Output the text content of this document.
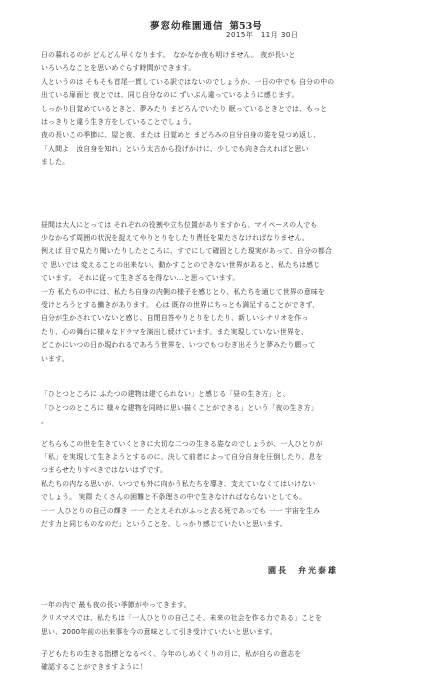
夢窓幼稚園通信 第53号
2015年　11月 30日
日の暮れるのが どんどん早くなります。　なかなか夜も明けません。 夜が長いと
いろいろなことを思いめぐらす時間ができます。
人というのは そもそも首尾一貫している訳ではないのでしょうか、一日の中でも 自分の中の
出ている扉面と 夜とでは、同じ自分なのに ずいぶん違っているように感じます。
しっかり目覚めているときと、夢みたり まどろんでいたり 眠っているときとでは、もっと
はっきりと違う生き方をしていることでしょう。
夜の長いこの季節に、屋と夜、または 日覚めと まどろみの自分自身の姿を見つめ返し、
「人間よ　汝自身を知れ」という太古から投げかけに、少しでも向き合えればと思い
ました。
昼間は大人にとっては それぞれの役割や立ち位置がありますから、マイペースの人でも
少なからず周囲の状況を捉えてやりとりをしたり責任を果たさなければなりません。
例えば 目で見たり聞いたりしたところに、すでにして確固とした現実があって、自分の都合
で 思いでは 変えることの出来ない、動かすことのできない世界があると、私たちは感じ
ています。 それに従って生きざるを得ない…と思っています。
一方 私たちの中には、私たち自身の内側の様子を感じとり、私たちを通じて世界の意味を
受けとろうとする働きがあります。 心は 既存の世界にちっとも満足することができず、
自分が生かされていないと感じ、自閉自答やりとりをしたり、新しいシナリオを作っ
たり、心の舞台に様々なドラマを演出し続けています。また実現していない世界を、
どこかにいつの日か現われるであろう世界を、いつでもつむぎ出そうと夢みたり願って
います。
「ひとつところに ふたつの建物は建てられない」と感じる「昼の生き方」と、
「ひとつのところに 様々な建物を同時に思い描くことができる」という「夜の生き方」
。
どちらもこの世を生きていくときに大切な二つの生きる姿なのでしょうが、一人ひとりが
「私」を実現して生きようとするのに、決して前者によって自分自身を圧倒したり、息を
つまらせたりすべきではないはずです。
私たちの内なる思いが、いつでも外に向かう私たちを導き、支えていなくてはいけない
でしょう。 実際 たくさんの困難と不条理さの中で生きなければならないとしても。
一一 人ひとりの自己の輝き 一一 たとえそれがふっと去る死であっても 一一 宇宙を生み
だす力と同じものなのだ」ということを、しっかり感じていたいと思います。
一年の内で 最も夜の長い季節がやってきます。
クリスマスでは、私たちは「一人ひとりの自己こそ、未来の社会を作る力である」ことを
思い、2000年前の出来事を今の意味として引き受けていたいと思います。
子どもたちの生きる指標となるべく、今年のしめくくりの月に、私が自らの意志を
確認することができますように！
園長　弁光泰雄
